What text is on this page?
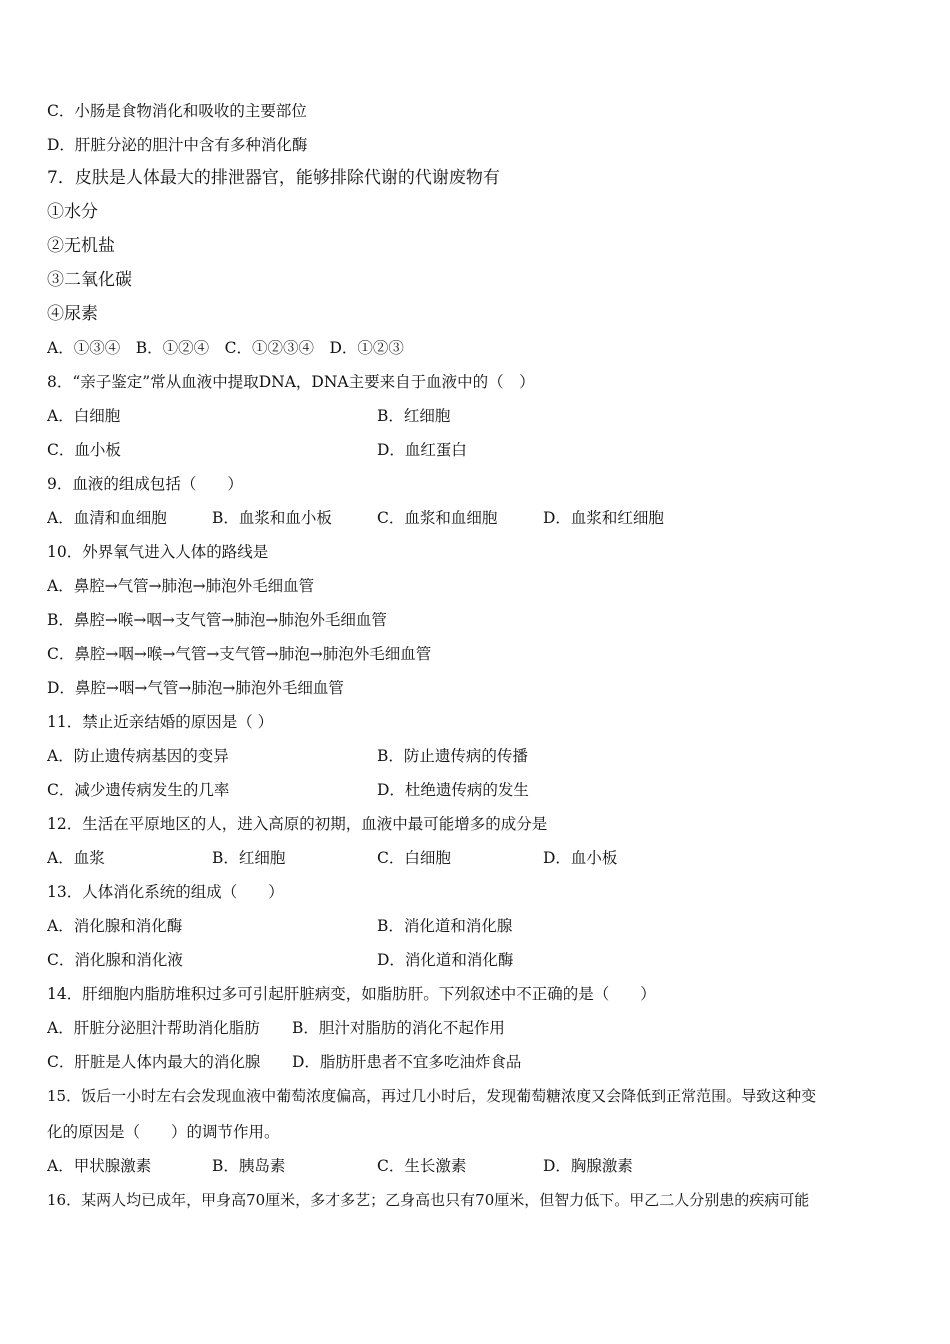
C．小肠是食物消化和吸收的主要部位
D．肝脏分泌的胆汁中含有多种消化酶
7．皮肤是人体最大的排泄器官，能够排除代谢的代谢废物有
①水分
②无机盐
③二氧化碳
④尿素
A．①③④　B．①②④　C．①②③④　D．①②③
8．“亲子鉴定”常从血液中提取DNA，DNA主要来自于血液中的（　）
A．白细胞	B．红细胞
C．血小板	D．血红蛋白
9．血液的组成包括（　　）
A．血清和血细胞	B．血浆和血小板	C．血浆和血细胞	D．血浆和红细胞
10．外界氧气进入人体的路线是
A．鼻腔→气管→肺泡→肺泡外毛细血管
B．鼻腔→喉→咽→支气管→肺泡→肺泡外毛细血管
C．鼻腔→咽→喉→气管→支气管→肺泡→肺泡外毛细血管
D．鼻腔→咽→气管→肺泡→肺泡外毛细血管
11．禁止近亲结婚的原因是（ ）
A．防止遗传病基因的变异	B．防止遗传病的传播
C．减少遗传病发生的几率	D．杜绝遗传病的发生
12．生活在平原地区的人，进入高原的初期，血液中最可能增多的成分是
A．血浆	B．红细胞	C．白细胞	D．血小板
13．人体消化系统的组成（　　）
A．消化腺和消化酶	B．消化道和消化腺
C．消化腺和消化液	D．消化道和消化酶
14．肝细胞内脂肪堆积过多可引起肝脏病变，如脂肪肝。下列叙述中不正确的是（　　）
A．肝脏分泌胆汁帮助消化脂肪 B．胆汁对脂肪的消化不起作用
C．肝脏是人体内最大的消化腺 D．脂肪肝患者不宜多吃油炸食品
15．饭后一小时左右会发现血液中葡萄浓度偏高，再过几小时后，发现葡萄糖浓度又会降低到正常范围。导致这种变
化的原因是（　　）的调节作用。
A．甲状腺激素	B．胰岛素	C．生长激素	D．胸腺激素
16．某两人均已成年，甲身高70厘米，多才多艺；乙身高也只有70厘米，但智力低下。甲乙二人分别患的疾病可能
